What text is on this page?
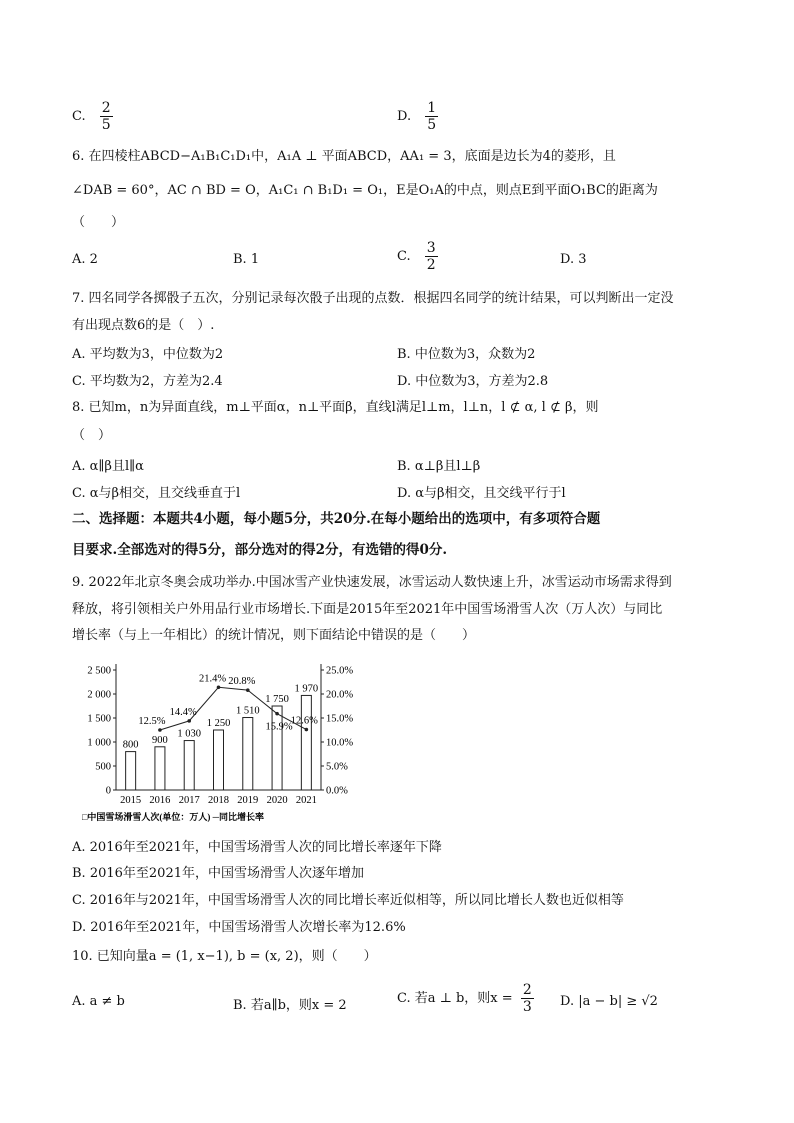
C. $\frac{2}{5}$	D. $\frac{1}{5}$
6. 在四棱柱ABCD−A₁B₁C₁D₁中，A₁A ⊥ 平面ABCD，AA₁ = 3，底面是边长为4的菱形，且
∠DAB = 60°，AC ∩ BD = O，A₁C₁ ∩ B₁D₁ = O₁，E是O₁A的中点，则点E到平面O₁BC的距离为
（　　）
A. 2	B. 1	C. $\frac{3}{2}$	D. 3
7. 四名同学各掷骰子五次，分别记录每次骰子出现的点数．根据四名同学的统计结果，可以判断出一定没
有出现点数6的是（　）.
A. 平均数为3，中位数为2	B. 中位数为3，众数为2
C. 平均数为2，方差为2.4	D. 中位数为3，方差为2.8
8. 已知m，n为异面直线，m⊥平面α，n⊥平面β，直线l满足l⊥m，l⊥n，l ⊄ α, l ⊄ β，则
（　）
A. α∥β且l∥α	B. α⊥β且l⊥β
C. α与β相交，且交线垂直于l	D. α与β相交，且交线平行于l
二、选择题：本题共4小题，每小题5分，共20分.在每小题给出的选项中，有多项符合题
目要求.全部选对的得5分，部分选对的得2分，有选错的得0分.
9. 2022年北京冬奥会成功举办.中国冰雪产业快速发展，冰雪运动人数快速上升，冰雪运动市场需求得到
释放，将引领相关户外用品行业市场增长.下面是2015年至2021年中国雪场滑雪人次（万人次）与同比
增长率（与上一年相比）的统计情况，则下面结论中错误的是（　　）
0
500
1 000
1 500
2 000
2 500
0.0%
5.0%
10.0%
15.0%
20.0%
25.0%
2015 2016 2017 2018 2019 2020 2021
800 900
1 030
1 250
1 510
1 750
1 970
12.5%
14.4%
21.4% 20.8%
15.9%
12.6%
□中国雪场滑雪人次(单位：万人) ─同比增长率
A. 2016年至2021年，中国雪场滑雪人次的同比增长率逐年下降
B. 2016年至2021年，中国雪场滑雪人次逐年增加
C. 2016年与2021年，中国雪场滑雪人次的同比增长率近似相等，所以同比增长人数也近似相等
D. 2016年至2021年，中国雪场滑雪人次增长率为12.6%
10. 已知向量a = (1, x−1), b = (x, 2)，则（　　）
A. a ≠ b	B. 若a∥b，则x = 2	C. 若a ⊥ b，则$x = \frac{2}{3} D$. |a − b| ≥ √2
